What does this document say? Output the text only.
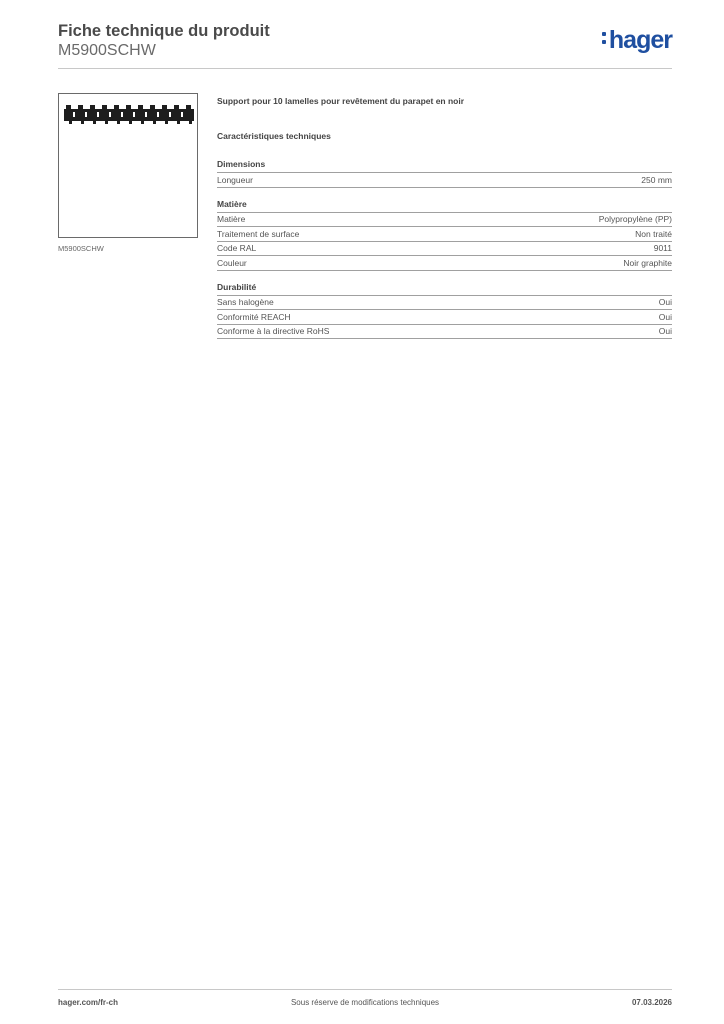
Fiche technique du produit
M5900SCHW	hager
M5900SCHW
Support pour 10 lamelles pour revêtement du parapet en noir
Caractéristiques techniques
Dimensions
Longueur	250 mm
Matière
Matière	Polypropylène (PP)
Traitement de surface	Non traité
Code RAL	9011
Couleur	Noir graphite
Durabilité
Sans halogène	Oui
Conformité REACH	Oui
Conforme à la directive RoHS	Oui
hager.com/fr-ch	Sous réserve de modifications techniques	07.03.2026
